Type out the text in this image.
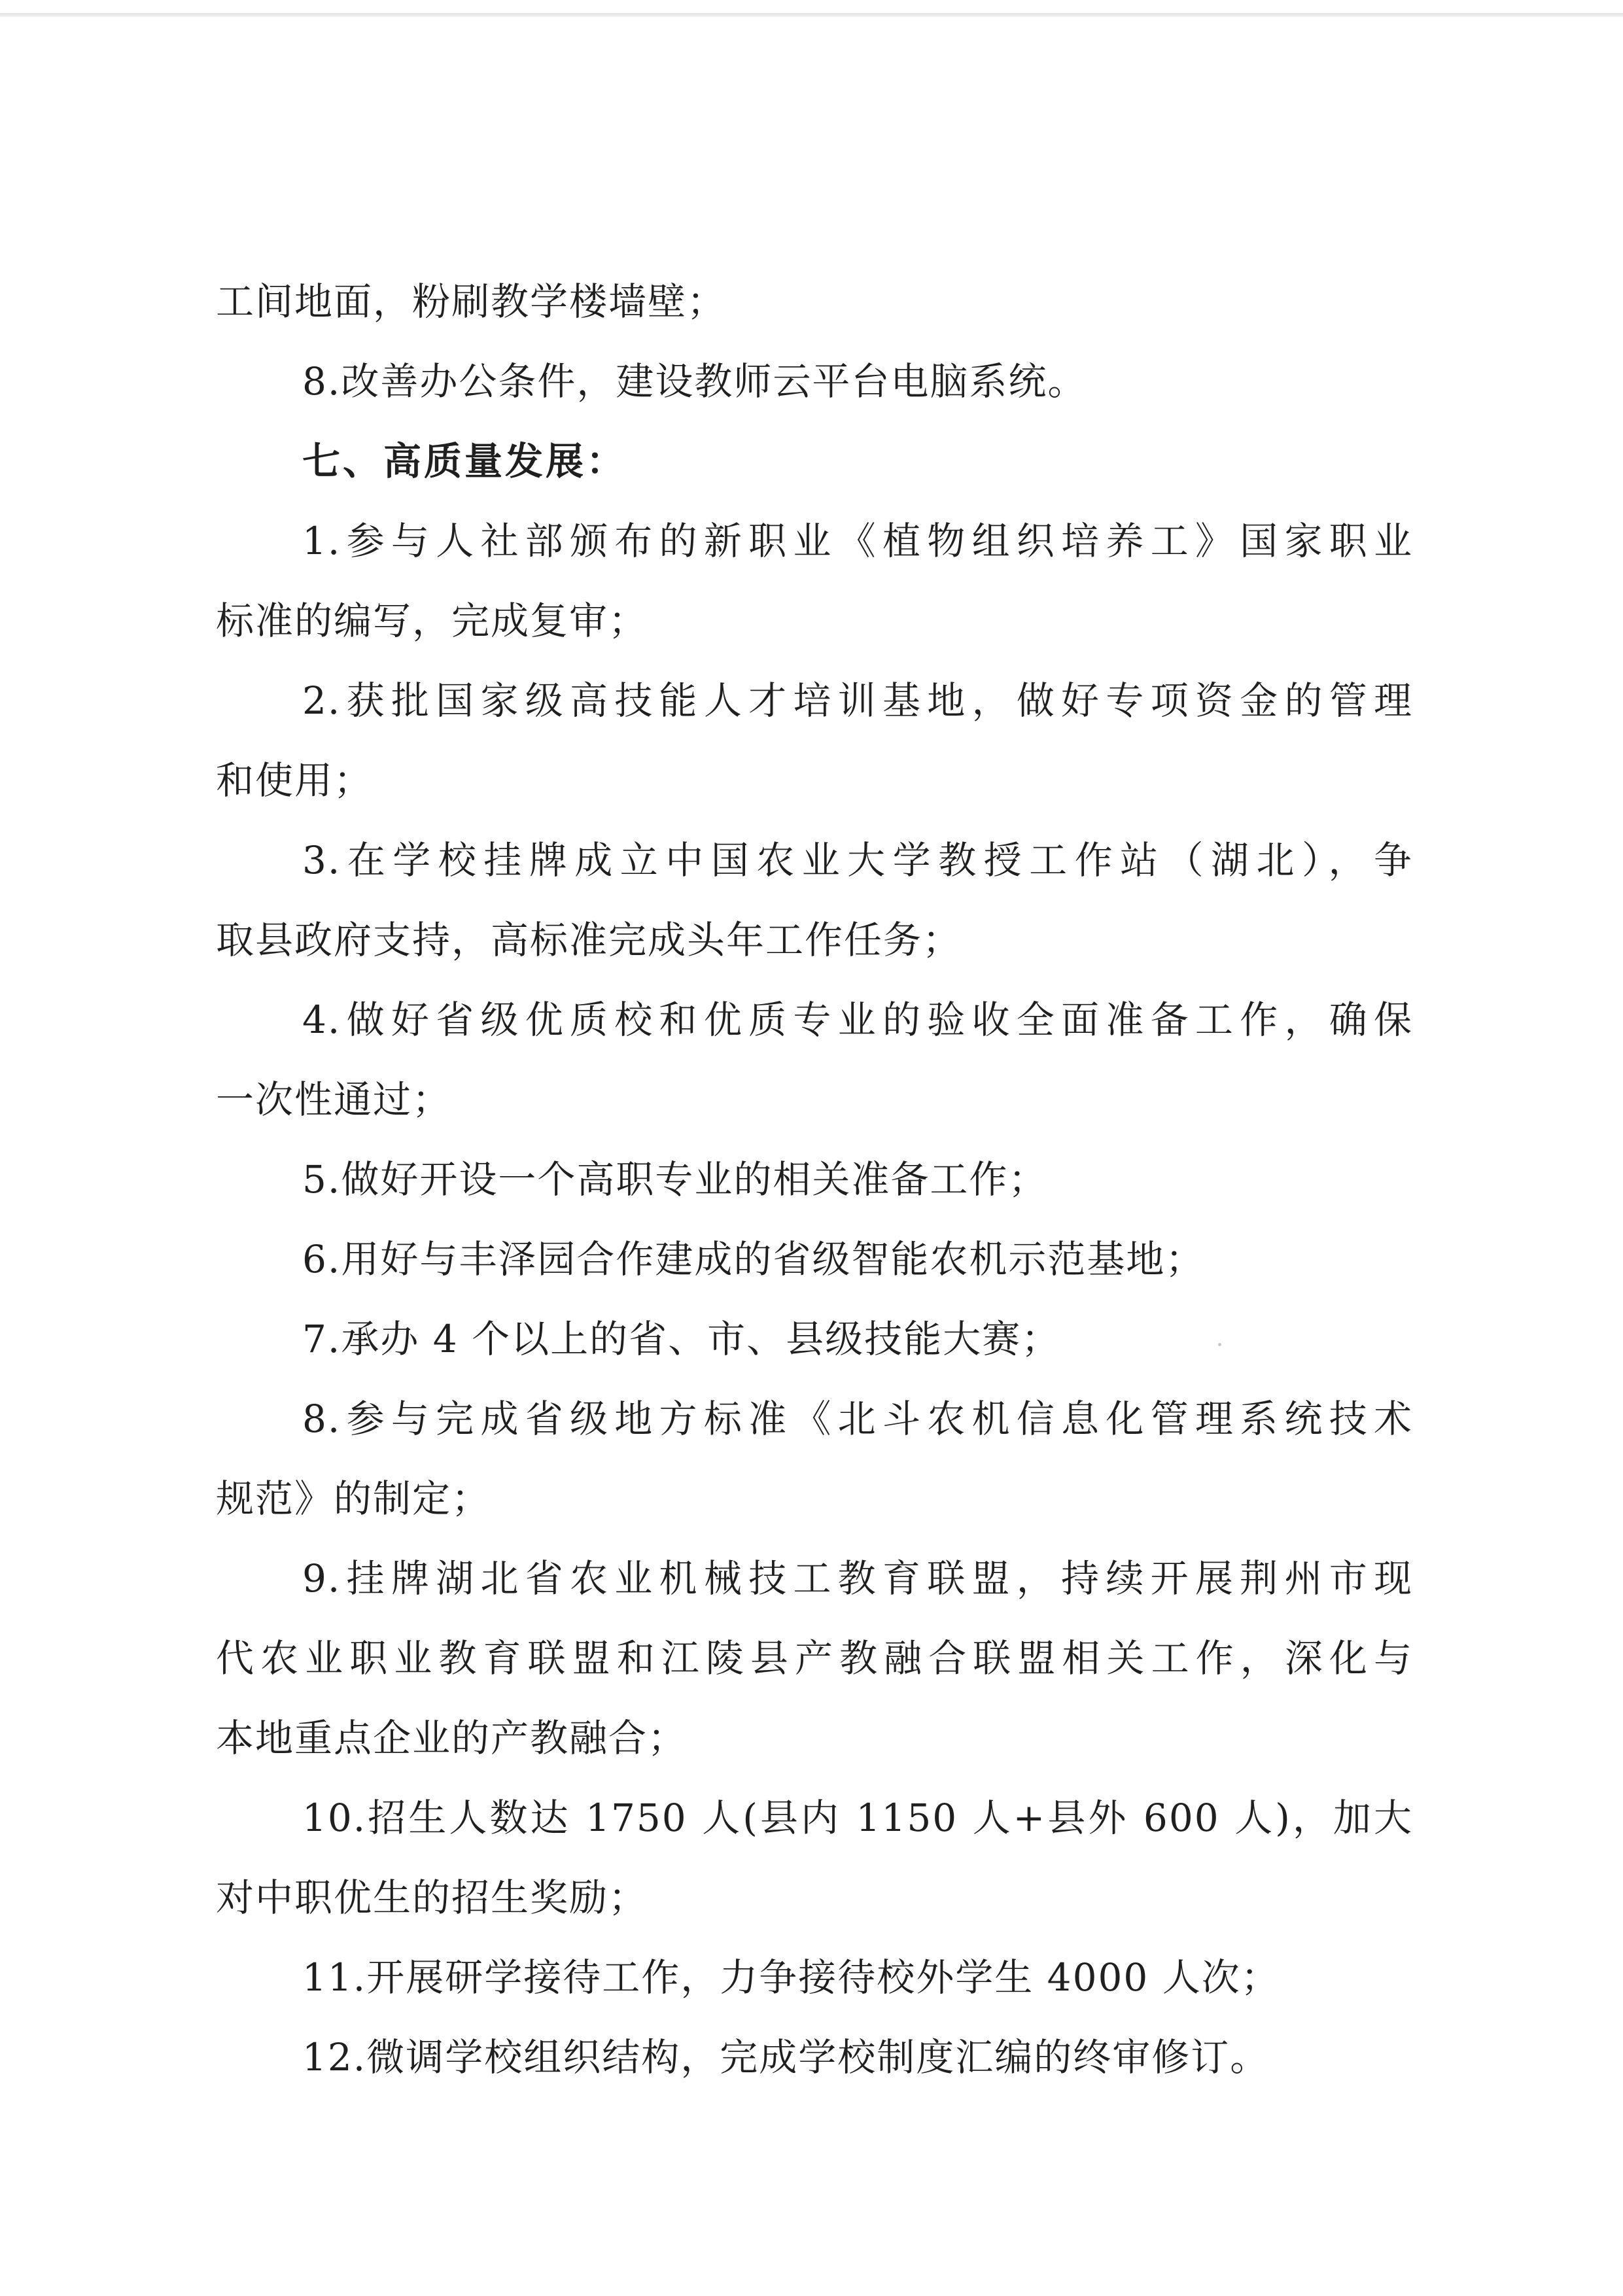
工间地面，粉刷教学楼墙壁；
8.改善办公条件，建设教师云平台电脑系统。
七、高质量发展：
1.参与人社部颁布的新职业《植物组织培养工》国家职业
标准的编写，完成复审；
2.获批国家级高技能人才培训基地，做好专项资金的管理
和使用；
3.在学校挂牌成立中国农业大学教授工作站（湖北），争
取县政府支持，高标准完成头年工作任务；
4.做好省级优质校和优质专业的验收全面准备工作，确保
一次性通过；
5.做好开设一个高职专业的相关准备工作；
6.用好与丰泽园合作建成的省级智能农机示范基地；
7.承办 4 个以上的省、市、县级技能大赛；
8.参与完成省级地方标准《北斗农机信息化管理系统技术
规范》的制定；
9.挂牌湖北省农业机械技工教育联盟，持续开展荆州市现
代农业职业教育联盟和江陵县产教融合联盟相关工作，深化与
本地重点企业的产教融合；
10.招生人数达 1750 人(县内 1150 人+县外 600 人)，加大
对中职优生的招生奖励；
11.开展研学接待工作，力争接待校外学生 4000 人次；
12.微调学校组织结构，完成学校制度汇编的终审修订。
